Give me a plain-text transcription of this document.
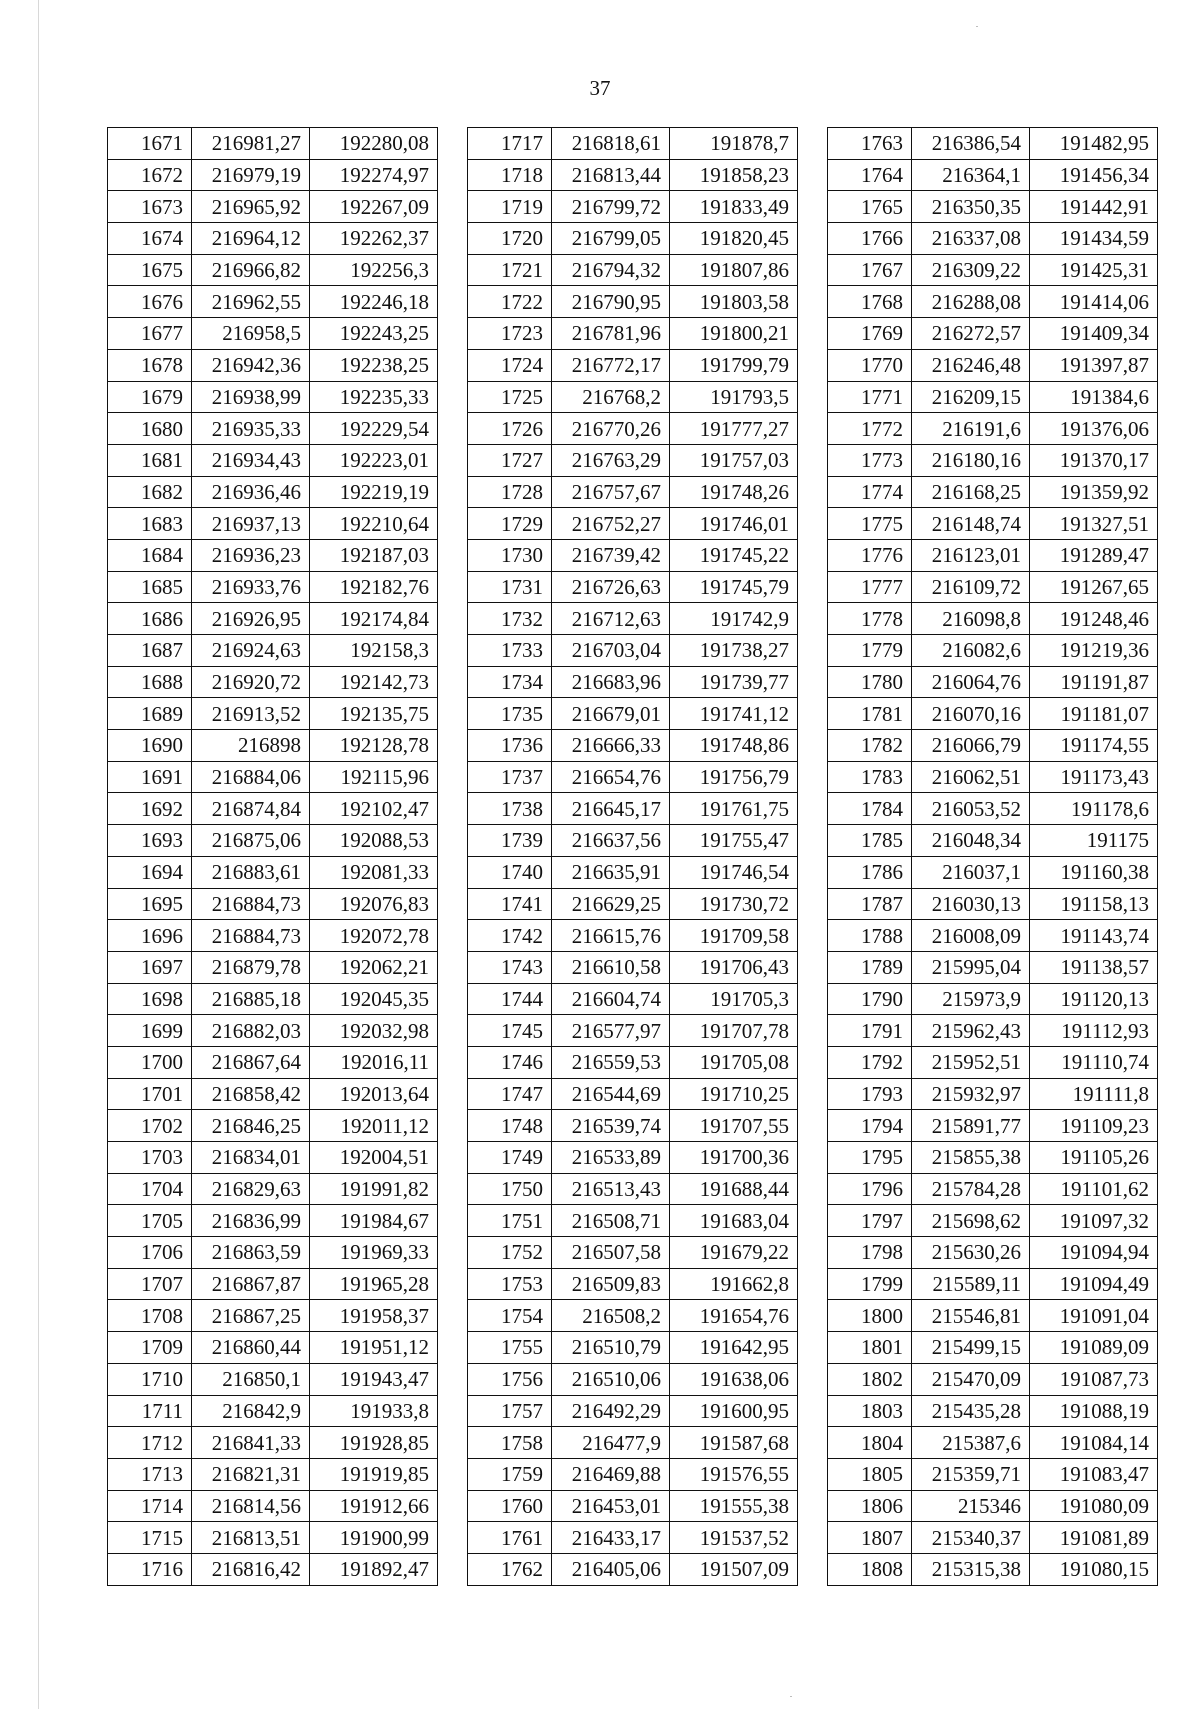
37
1671	216981,27	192280,08
1672	216979,19	192274,97
1673	216965,92	192267,09
1674	216964,12	192262,37
1675	216966,82	192256,3
1676	216962,55	192246,18
1677	216958,5	192243,25
1678	216942,36	192238,25
1679	216938,99	192235,33
1680	216935,33	192229,54
1681	216934,43	192223,01
1682	216936,46	192219,19
1683	216937,13	192210,64
1684	216936,23	192187,03
1685	216933,76	192182,76
1686	216926,95	192174,84
1687	216924,63	192158,3
1688	216920,72	192142,73
1689	216913,52	192135,75
1690	216898	192128,78
1691	216884,06	192115,96
1692	216874,84	192102,47
1693	216875,06	192088,53
1694	216883,61	192081,33
1695	216884,73	192076,83
1696	216884,73	192072,78
1697	216879,78	192062,21
1698	216885,18	192045,35
1699	216882,03	192032,98
1700	216867,64	192016,11
1701	216858,42	192013,64
1702	216846,25	192011,12
1703	216834,01	192004,51
1704	216829,63	191991,82
1705	216836,99	191984,67
1706	216863,59	191969,33
1707	216867,87	191965,28
1708	216867,25	191958,37
1709	216860,44	191951,12
1710	216850,1	191943,47
1711	216842,9	191933,8
1712	216841,33	191928,85
1713	216821,31	191919,85
1714	216814,56	191912,66
1715	216813,51	191900,99
1716	216816,42	191892,47
1717	216818,61	191878,7
1718	216813,44	191858,23
1719	216799,72	191833,49
1720	216799,05	191820,45
1721	216794,32	191807,86
1722	216790,95	191803,58
1723	216781,96	191800,21
1724	216772,17	191799,79
1725	216768,2	191793,5
1726	216770,26	191777,27
1727	216763,29	191757,03
1728	216757,67	191748,26
1729	216752,27	191746,01
1730	216739,42	191745,22
1731	216726,63	191745,79
1732	216712,63	191742,9
1733	216703,04	191738,27
1734	216683,96	191739,77
1735	216679,01	191741,12
1736	216666,33	191748,86
1737	216654,76	191756,79
1738	216645,17	191761,75
1739	216637,56	191755,47
1740	216635,91	191746,54
1741	216629,25	191730,72
1742	216615,76	191709,58
1743	216610,58	191706,43
1744	216604,74	191705,3
1745	216577,97	191707,78
1746	216559,53	191705,08
1747	216544,69	191710,25
1748	216539,74	191707,55
1749	216533,89	191700,36
1750	216513,43	191688,44
1751	216508,71	191683,04
1752	216507,58	191679,22
1753	216509,83	191662,8
1754	216508,2	191654,76
1755	216510,79	191642,95
1756	216510,06	191638,06
1757	216492,29	191600,95
1758	216477,9	191587,68
1759	216469,88	191576,55
1760	216453,01	191555,38
1761	216433,17	191537,52
1762	216405,06	191507,09
1763	216386,54	191482,95
1764	216364,1	191456,34
1765	216350,35	191442,91
1766	216337,08	191434,59
1767	216309,22	191425,31
1768	216288,08	191414,06
1769	216272,57	191409,34
1770	216246,48	191397,87
1771	216209,15	191384,6
1772	216191,6	191376,06
1773	216180,16	191370,17
1774	216168,25	191359,92
1775	216148,74	191327,51
1776	216123,01	191289,47
1777	216109,72	191267,65
1778	216098,8	191248,46
1779	216082,6	191219,36
1780	216064,76	191191,87
1781	216070,16	191181,07
1782	216066,79	191174,55
1783	216062,51	191173,43
1784	216053,52	191178,6
1785	216048,34	191175
1786	216037,1	191160,38
1787	216030,13	191158,13
1788	216008,09	191143,74
1789	215995,04	191138,57
1790	215973,9	191120,13
1791	215962,43	191112,93
1792	215952,51	191110,74
1793	215932,97	191111,8
1794	215891,77	191109,23
1795	215855,38	191105,26
1796	215784,28	191101,62
1797	215698,62	191097,32
1798	215630,26	191094,94
1799	215589,11	191094,49
1800	215546,81	191091,04
1801	215499,15	191089,09
1802	215470,09	191087,73
1803	215435,28	191088,19
1804	215387,6	191084,14
1805	215359,71	191083,47
1806	215346	191080,09
1807	215340,37	191081,89
1808	215315,38	191080,15
